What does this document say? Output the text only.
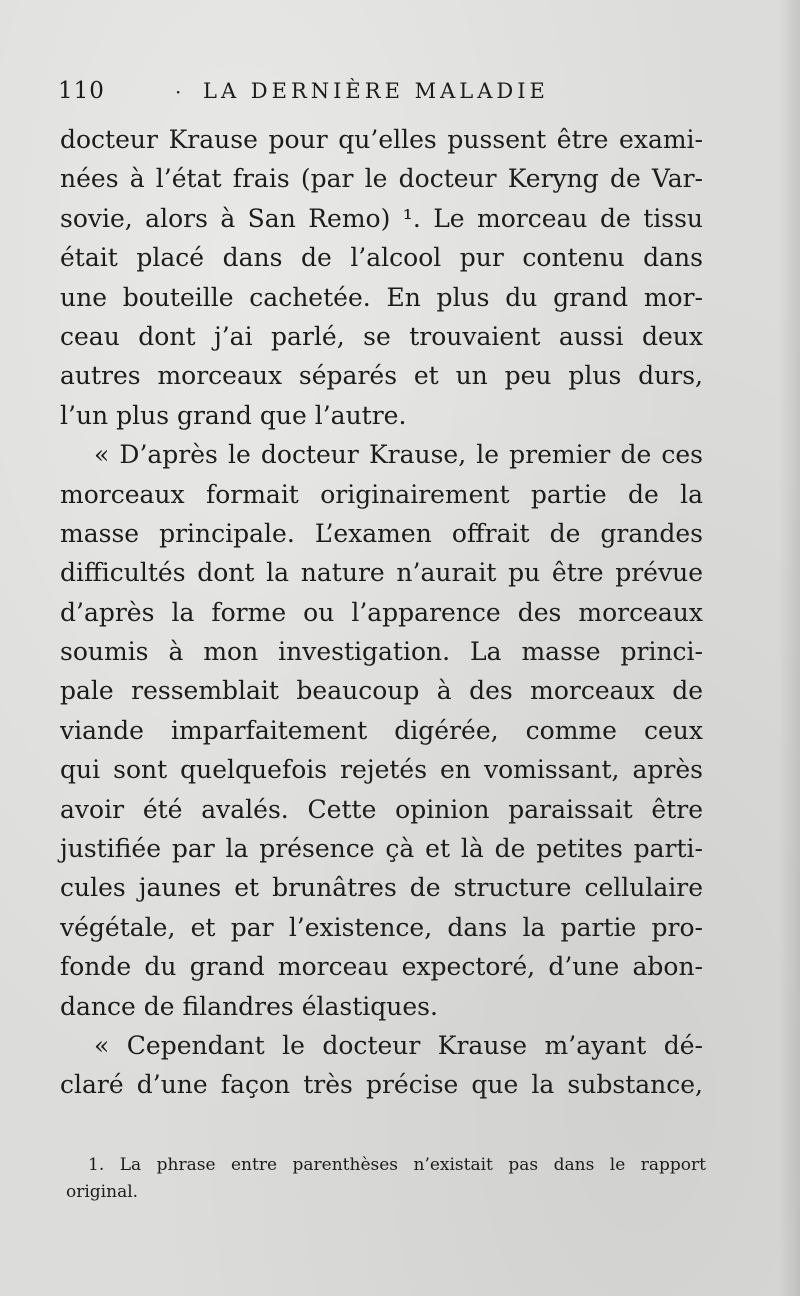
110	· LA DERNIÈRE MALADIE
docteur Krause pour qu’elles pussent être exami-
nées à l’état frais (par le docteur Keryng de Var-
sovie, alors à San Remo) ¹. Le morceau de tissu
était placé dans de l’alcool pur contenu dans
une bouteille cachetée. En plus du grand mor-
ceau dont j’ai parlé, se trouvaient aussi deux
autres morceaux séparés et un peu plus durs,
l’un plus grand que l’autre.
« D’après le docteur Krause, le premier de ces
morceaux formait originairement partie de la
masse principale. L’examen offrait de grandes
difficultés dont la nature n’aurait pu être prévue
d’après la forme ou l’apparence des morceaux
soumis à mon investigation. La masse princi-
pale ressemblait beaucoup à des morceaux de
viande imparfaitement digérée, comme ceux
qui sont quelquefois rejetés en vomissant, après
avoir été avalés. Cette opinion paraissait être
justifiée par la présence çà et là de petites parti-
cules jaunes et brunâtres de structure cellulaire
végétale, et par l’existence, dans la partie pro-
fonde du grand morceau expectoré, d’une abon-
dance de filandres élastiques.
« Cependant le docteur Krause m’ayant dé-
claré d’une façon très précise que la substance,
1. La phrase entre parenthèses n’existait pas dans le rapport
original.
